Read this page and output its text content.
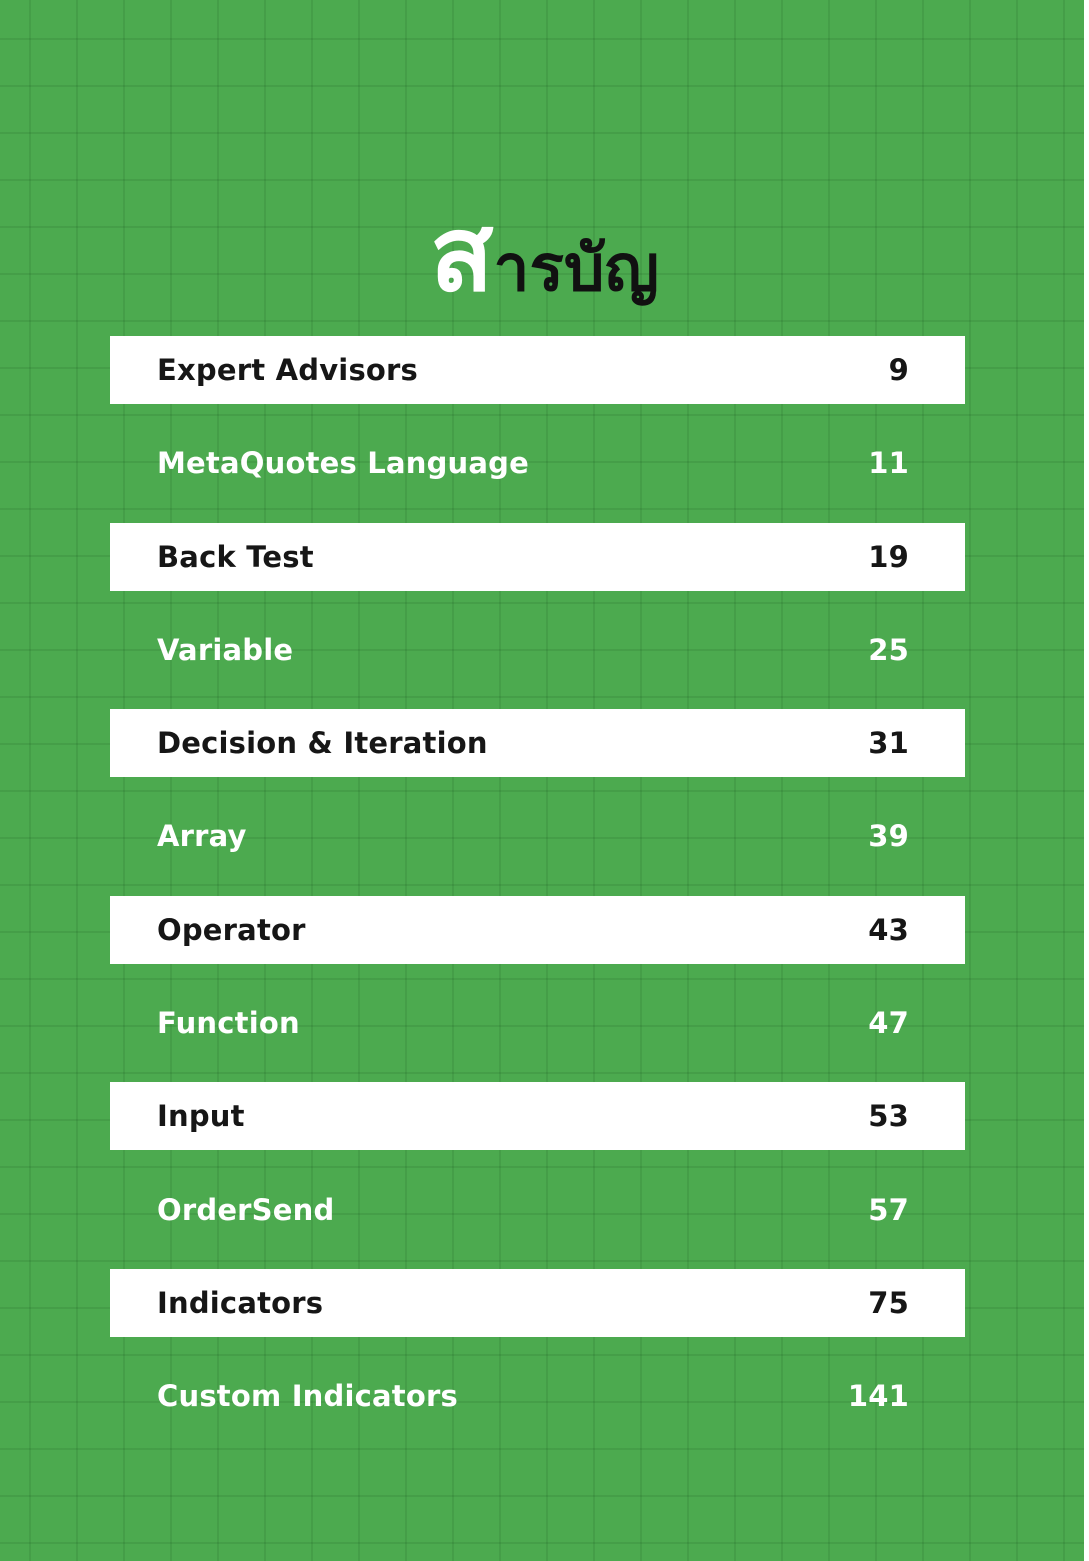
สารบัญ
Expert Advisors	9
MetaQuotes Language	11
Back Test	19
Variable	25
Decision & Iteration	31
Array	39
Operator	43
Function	47
Input	53
OrderSend	57
Indicators	75
Custom Indicators	141
